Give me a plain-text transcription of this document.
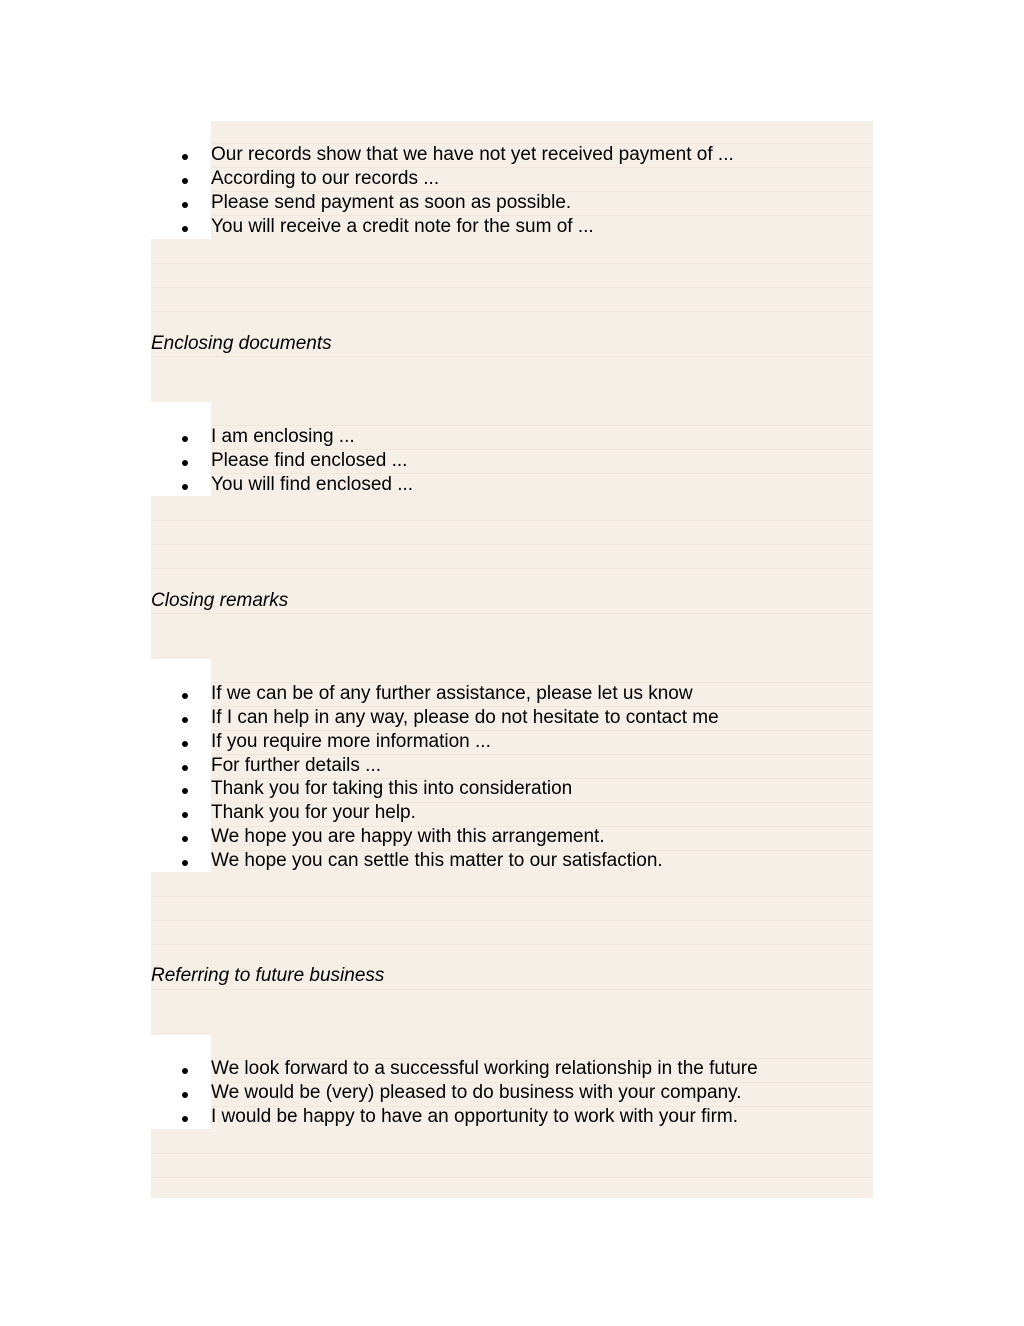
Our records show that we have not yet received payment of ...
According to our records ...
Please send payment as soon as possible.
You will receive a credit note for the sum of ...
Enclosing documents
I am enclosing ...
Please find enclosed ...
You will find enclosed ...
Closing remarks
If we can be of any further assistance, please let us know
If I can help in any way, please do not hesitate to contact me
If you require more information ...
For further details ...
Thank you for taking this into consideration
Thank you for your help.
We hope you are happy with this arrangement.
We hope you can settle this matter to our satisfaction.
Referring to future business
We look forward to a successful working relationship in the future
We would be (very) pleased to do business with your company.
I would be happy to have an opportunity to work with your firm.
